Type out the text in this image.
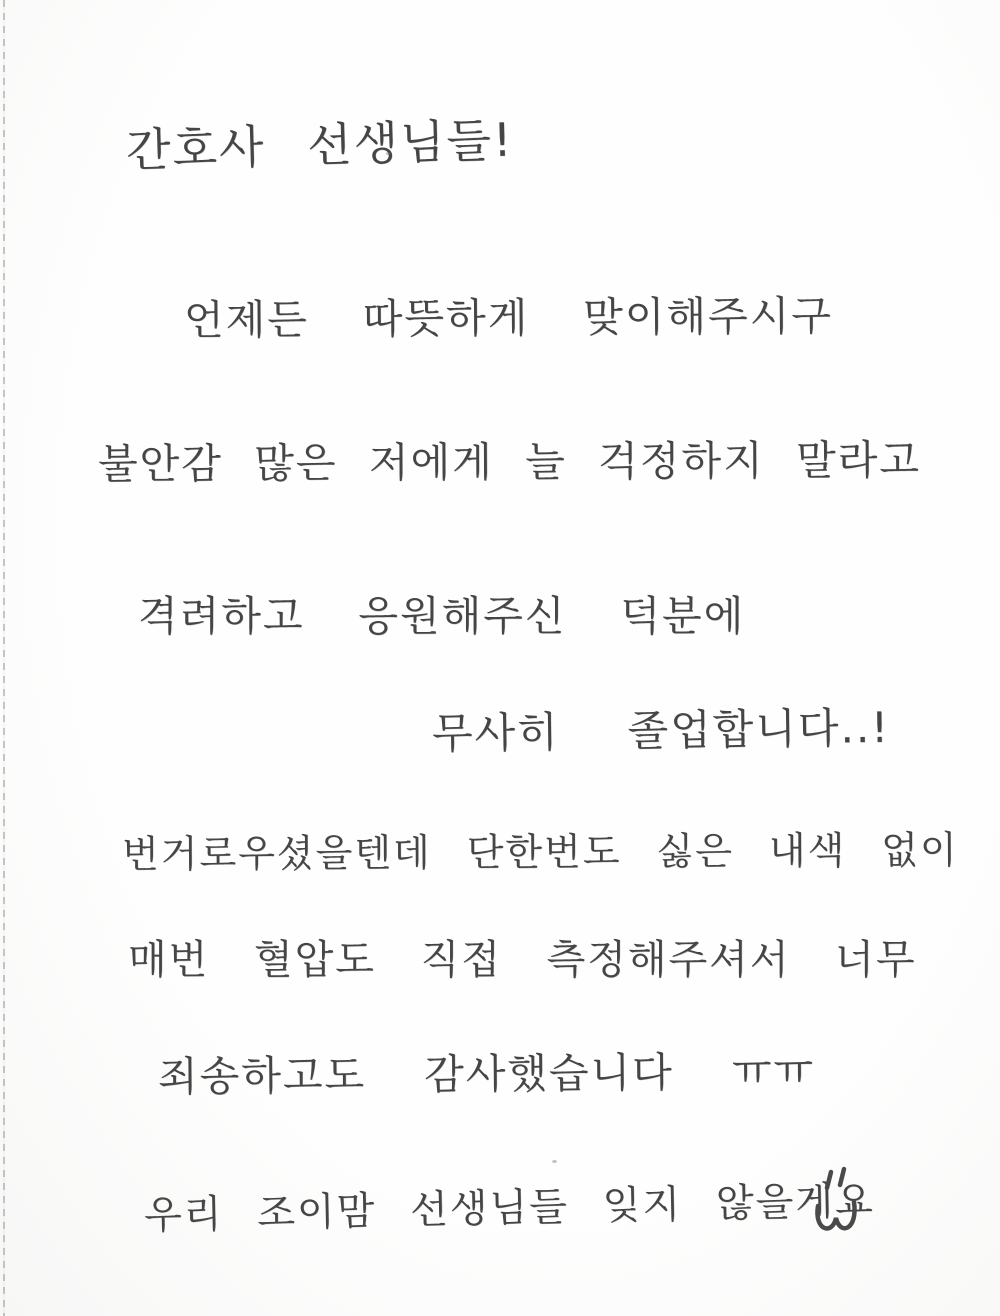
간호사 선생님들!
언제든 따뜻하게 맞이해주시구
불안감 많은 저에게 늘 걱정하지 말라고
격려하고 응원해주신 덕분에
무사히 졸업합니다..!
번거로우셨을텐데 단한번도 싫은 내색 없이
매번 혈압도 직접 측정해주셔서 너무
죄송하고도 감사했습니다 ㅠㅠ
우리 조이맘 선생님들 잊지 않을게요
